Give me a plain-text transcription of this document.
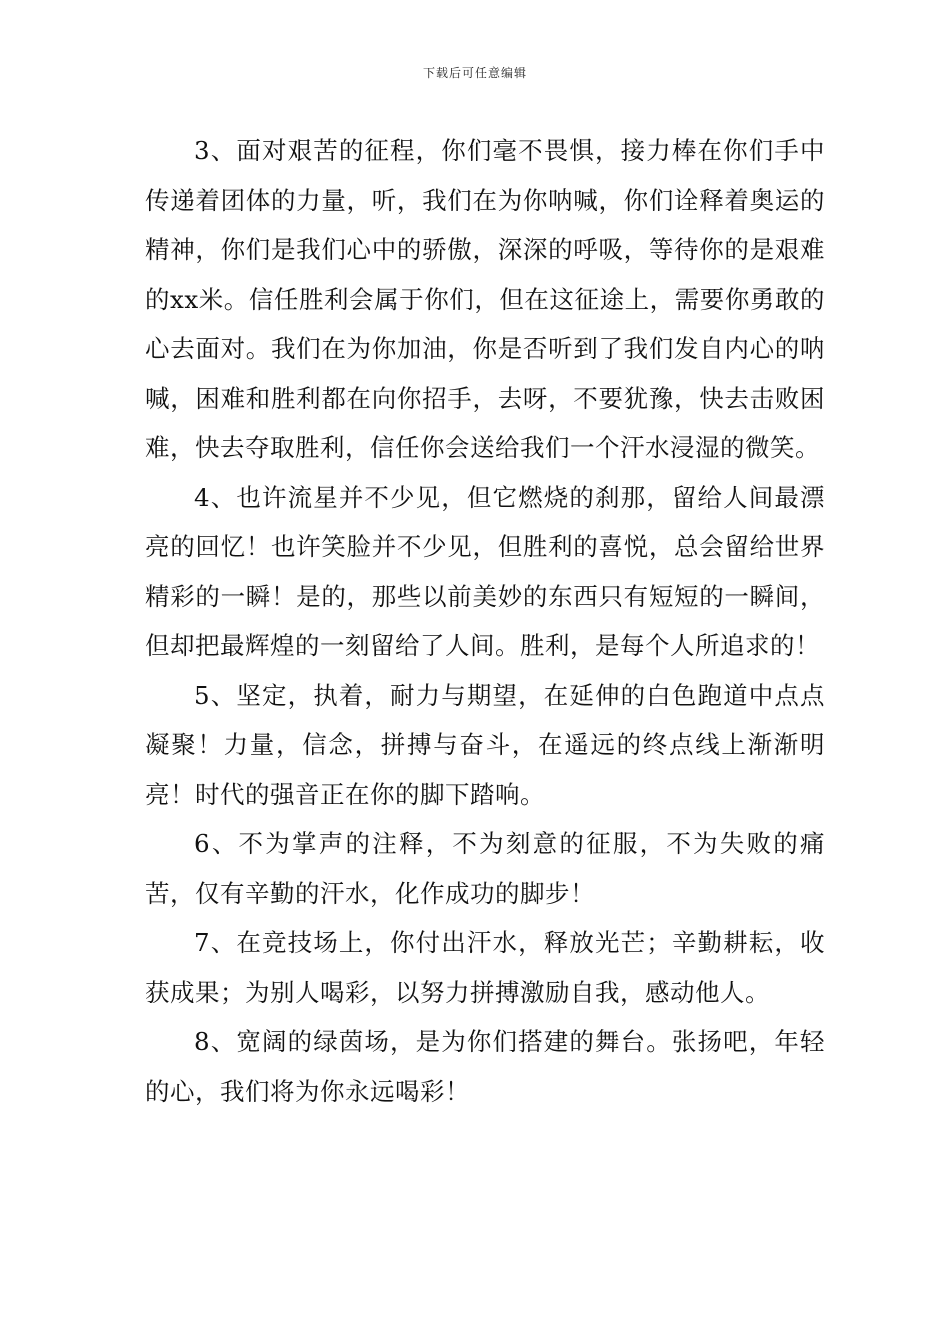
下载后可任意编辑

3、面对艰苦的征程，你们毫不畏惧，接力棒在你们手中传递着团体的力量，听，我们在为你呐喊，你们诠释着奥运的精神，你们是我们心中的骄傲，深深的呼吸，等待你的是艰难的xx米。信任胜利会属于你们，但在这征途上，需要你勇敢的心去面对。我们在为你加油，你是否听到了我们发自内心的呐喊，困难和胜利都在向你招手，去呀，不要犹豫，快去击败困难，快去夺取胜利，信任你会送给我们一个汗水浸湿的微笑。

4、也许流星并不少见，但它燃烧的刹那，留给人间最漂亮的回忆！也许笑脸并不少见，但胜利的喜悦，总会留给世界精彩的一瞬！是的，那些以前美妙的东西只有短短的一瞬间，但却把最辉煌的一刻留给了人间。胜利，是每个人所追求的！

5、坚定，执着，耐力与期望，在延伸的白色跑道中点点凝聚！力量，信念，拼搏与奋斗，在遥远的终点线上渐渐明亮！时代的强音正在你的脚下踏响。

6、不为掌声的注释，不为刻意的征服，不为失败的痛苦，仅有辛勤的汗水，化作成功的脚步！

7、在竞技场上，你付出汗水，释放光芒；辛勤耕耘，收获成果；为别人喝彩，以努力拼搏激励自我，感动他人。

8、宽阔的绿茵场，是为你们搭建的舞台。张扬吧，年轻的心，我们将为你永远喝彩！
